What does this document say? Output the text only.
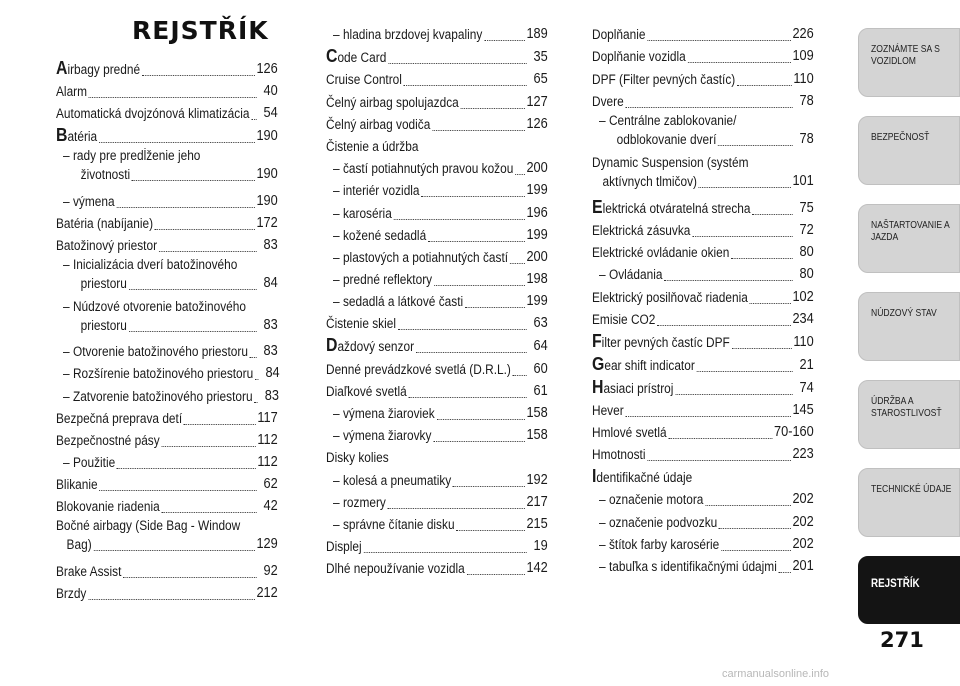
REJSTŘÍK
Airbagy predné	126
Alarm	40
Automatická dvojzónová klimatizácia 54
Batéria	190
– rady pre predĺženie jeho
životnosti	190
– výmena	190
Batéria (nabíjanie)	172
Batožinový priestor	83
– Inicializácia dverí batožinového
priestoru	84
– Núdzové otvorenie batožinového
priestoru	83
– Otvorenie batožinového priestoru	83
– Rozšírenie batožinového priestoru 84
– Zatvorenie batožinového priestoru 83
Bezpečná preprava detí	117
Bezpečnostné pásy	112
– Použitie	112
Blikanie	62
Blokovanie riadenia	42
Bočné airbagy (Side Bag - Window
Bag)	129
Brake Assist	92
Brzdy	212
– hladina brzdovej kvapaliny	189
Code Card	35
Cruise Control	65
Čelný airbag spolujazdca	127
Čelný airbag vodiča	126
Čistenie a údržba
– častí potiahnutých pravou kožou 200
– interiér vozidla	199
– karoséria	196
– kožené sedadlá	199
– plastových a potiahnutých častí 200
– predné reflektory	198
– sedadlá a látkové časti	199
Čistenie skiel	63
Daždový senzor	64
Denné prevádzkové svetlá (D.R.L.)	60
Diaľkové svetlá	61
– výmena žiaroviek	158
– výmena žiarovky	158
Disky kolies
– kolesá a pneumatiky	192
– rozmery	217
– správne čítanie disku	215
Displej	19
Dlhé nepoužívanie vozidla	142
Doplňanie	226
Doplňanie vozidla	109
DPF (Filter pevných častíc)	110
Dvere	78
– Centrálne zablokovanie/
odblokovanie dverí	78
Dynamic Suspension (systém
aktívnych tlmičov)	101
Elektrická otváratelná strecha	75
Elektrická zásuvka	72
Elektrické ovládanie okien	80
– Ovládania	80
Elektrický posilňovač riadenia	102
Emisie CO2	234
Filter pevných častíc DPF	110
Gear shift indicator	21
Hasiaci prístroj	74
Hever	145
Hmlové svetlá	70-160
Hmotnosti	223
Identifikačné údaje
– označenie motora	202
– označenie podvozku	202
– štítok farby karosérie	202
– tabuľka s identifikačnými údajmi 201
ZOZNÁMTE SA S VOZIDLOM
BEZPEČNOSŤ
NAŠTARTOVANIE A JAZDA
NÚDZOVÝ STAV
ÚDRŽBA A STAROSTLIVOSŤ
TECHNICKÉ ÚDAJE
REJSTŘÍK
271
carmanualsonline.info
